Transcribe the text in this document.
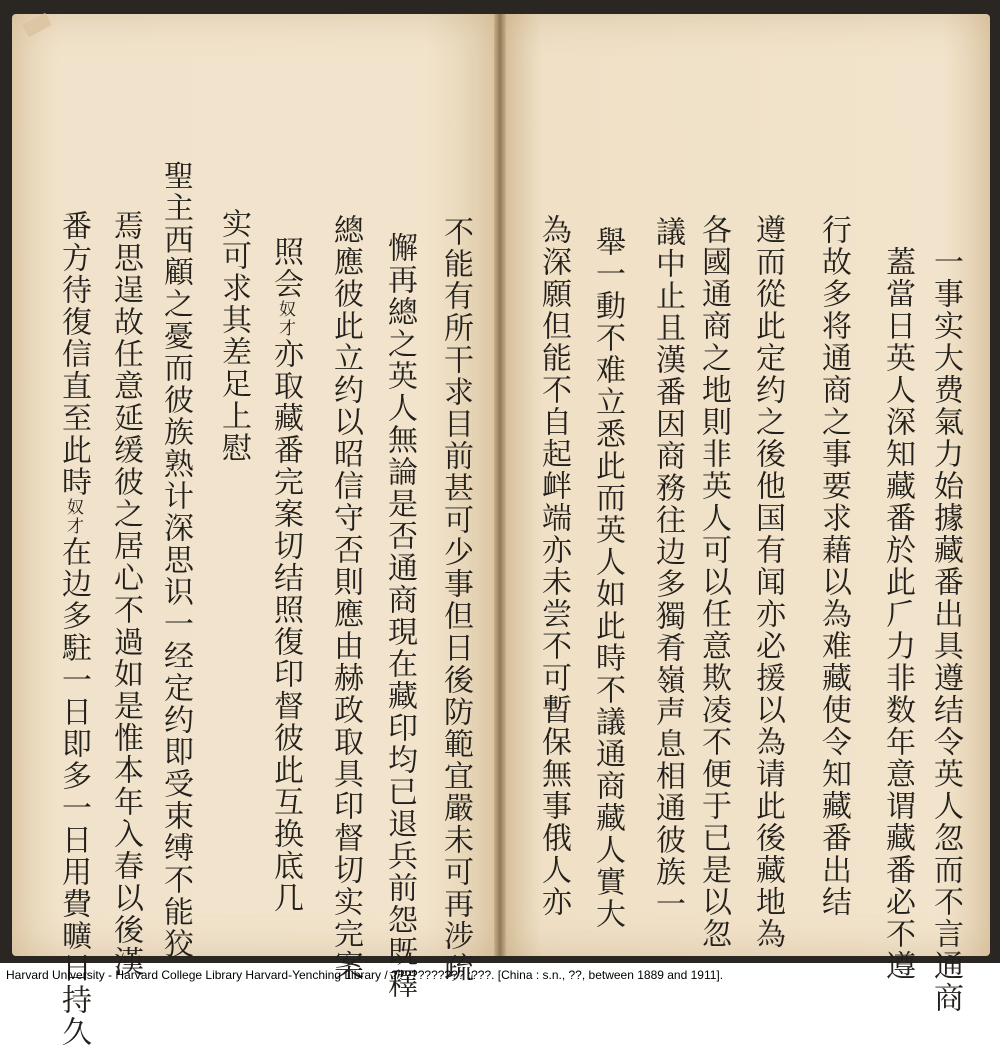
一事实大费氣力始據藏番出具遵结令英人忽而不言通商
蓋當日英人深知藏番於此𠂆力非数年意谓藏番必不遵
行故多将通商之事要求藉以為难藏使令知藏番出结
遵而從此定约之後他国有闻亦必援以為请此後藏地為
各國通商之地則非英人可以任意欺凌不便于已是以忽
議中止且漢番因商務往边多獨肴嶺声息相通彼族一
舉一動不难立悉此而英人如此時不議通商藏人實大
為深願但能不自起衅端亦未尝不可暫保無事俄人亦
不能有所干求目前甚可少事但日後防範宜嚴未可再涉疏
懈再總之英人無論是否通商現在藏印均已退兵前怨既釋
總應彼此立约以昭信守否則應由赫政取具印督切实完案
照会奴才亦取藏番完案切结照復印督彼此互换底几
实可求其差足上慰
聖主西顧之憂而彼族熟计深思识一经定约即受束缚不能狡
焉思逞故任意延缓彼之居心不過如是惟本年入春以後漢
番方待復信直至此時奴才在边多駐一日即多一日用費曠日持久
Harvard University - Harvard College Library Harvard-Yenching Library / ??????????? :???. [China : s.n., ??, between 1889 and 1911].
